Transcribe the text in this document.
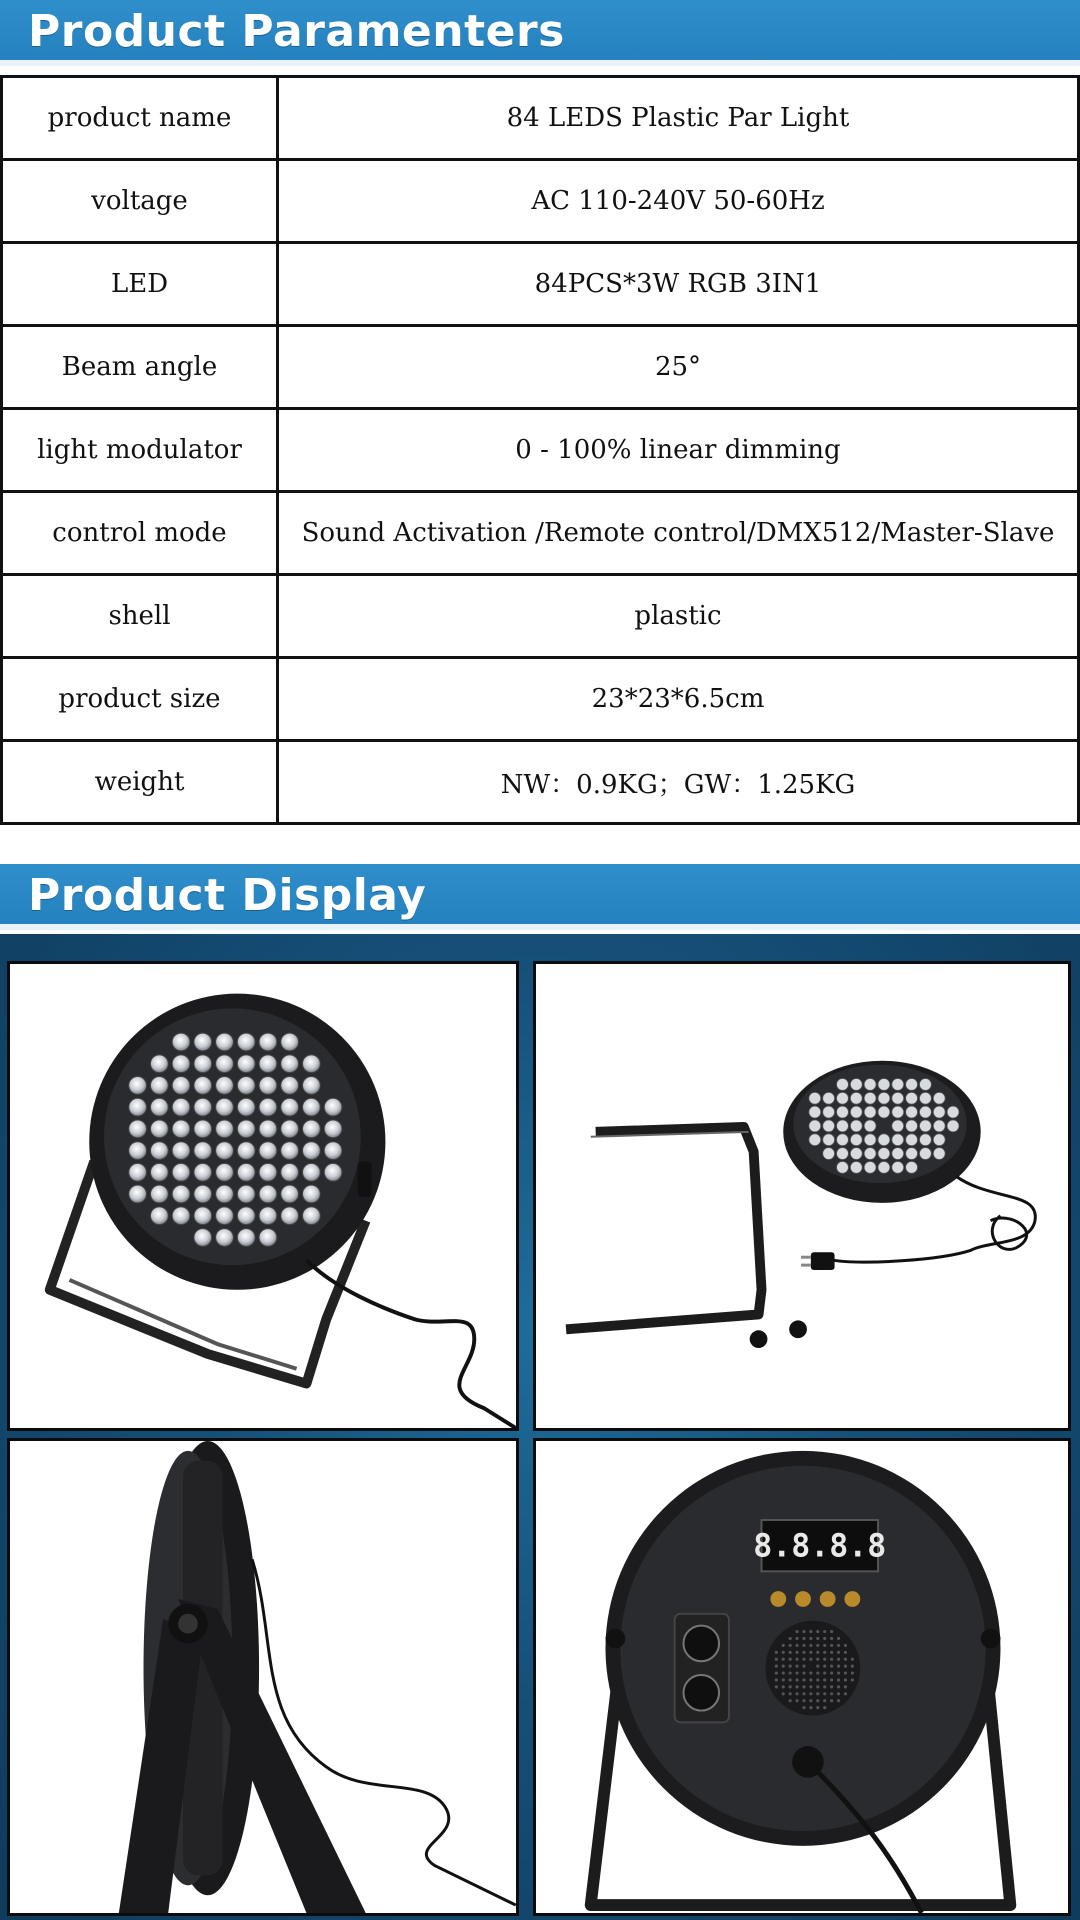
Product Paramenters
product name	84 LEDS Plastic Par Light
voltage	AC 110-240V 50-60Hz
LED	84PCS*3W RGB 3IN1
Beam angle	25°
light modulator	0 - 100% linear dimming
control mode	Sound Activation /Remote control/DMX512/Master-Slave
shell	plastic
product size	23*23*6.5cm
weight	NW：0.9KG；GW：1.25KG
Product Display
8.8.8.8
